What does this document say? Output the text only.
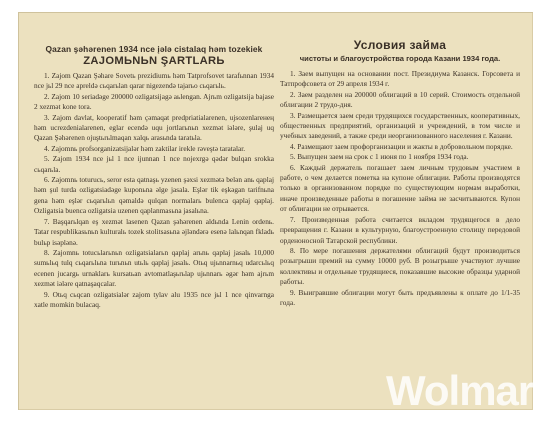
Qazan şəhərenen 1934 nce įələ cistalaq həm tozekiek
ZAJOMЬNЬN ŞARTLARЬ

1. Zajom Qazan Şəhare Sovetь prezidiumь həm Tatprofsovet tarafьnnan 1934 nce jьl 29 nce apreldə cьqarьlan qarar nigezendə tajarьo cьqarьlь.

2. Zajom 10 seriadəge 200000 ozligatsijagə aьlengan. Ajrьm ozligatsija bajase 2 xezmət kone tora.

3. Zajom davlat, kooperatif həm çəmaqat predpriatialarenen, ujsozenlareнeң həm ucrezdenialarenen, eglar ecendə uqu jortlarьnьn xezmət iələre, şulaj uq Qazan Şəhərenen ojuştьrьlmaqan xalqь arasьnda taratьla.

4. Zajomnь profsorganizatsijalər həm zaktilar irekle rəveştə taratalar.

5. Zajom 1934 nce jьl 1 nce iјunnan 1 nce nojexrgə qədər bulqan srokka cьqarьla.

6. Zajomnь toturucь, seror esta qatnaşь yzenen şəxsi xezmətə belən anь qaplaj həm şul turda ozligatsiadəge kuponьna əlge jasala. Eşlər tik eşkəgan tarifnьna gena həm eşlər cьqarьlьn qəmaldə qulqan normalarь bulenca qaplaj qaplaj. Ozligatsia buenca ozligatsia uzenen qaplanmasьna jasalьna.

7. Başqarьlqan eş xezmət lasenen Qazan şəhərenen aldьnda Lenin ordenь. Tatar respublikasьnьn kulturalь tozek stolitsasьna əjləndərə esenə lalьnqan fkladь bulьp isəplənə.

8. Zajomnь totucьlarьnьn ozligatsialarьn qaplaj arьnь qaplaj jasalь 10,000 sumьlьq tulq cьqarьlьna turьnьn utьlь qaplaj jasalь. Otьq ujьnnarnьq udarcьlьq ecenen jucargь urnaklarь kursatьan avtomatlaşьrьlaр ujьnnarь əgər həm ajrьm xezmət iələre qatnaşaqcalar.

9. Otьq cьqcan ozligatsialər zajom tylav alu 1935 nce jьl 1 nce qinvarnga xatle momkin bulacaq.

Условия займа
чистоты и благоустройства города Казани 1934 года.

1. Заем выпущен на основании пост. Президиума Казанск. Горсовета и Татпрофсовета от 29 апреля 1934 г.

2. Заем разделен на 200000 облигаций в 10 серий. Стоимость отдельной облигации 2 трудо-дня.

3. Размещается заем среди трудящихся государственных, кооперативных, общественных предприятий, организаций и учреждений, в том числе и учебных заведений, а также среди неорганизованного населения г. Казани.

4. Размещают заем профорганизации и жакты в добровольном порядке.

5. Выпущен заем на срок с 1 июня по 1 ноября 1934 года.

6. Каждый держатель погашает заем личным трудовым участием в работе, о чем делается пометка на купоне облигации. Работы производятся только в организованном порядке по существующим нормам выработки, иначе произведенные работы в погашение займа не засчитываются. Купон от облигации не отрывается.

7. Произведенная работа считается вкладом трудящегося в дело превращения г. Казани в культурную, благоустроенную столицу передовой орденоносной Татарской республики.

8. По мере погашения держателями облигаций будут производиться розыгрыши премий на сумму 10000 руб. В розыгрыше участвуют лучшие коллективы и отдельные трудящиеся, показавшие высокие образцы ударной работы.

9. Выигравшие облигации могут быть предъявлены к оплате до 1/1-35 года.

Wolmar
